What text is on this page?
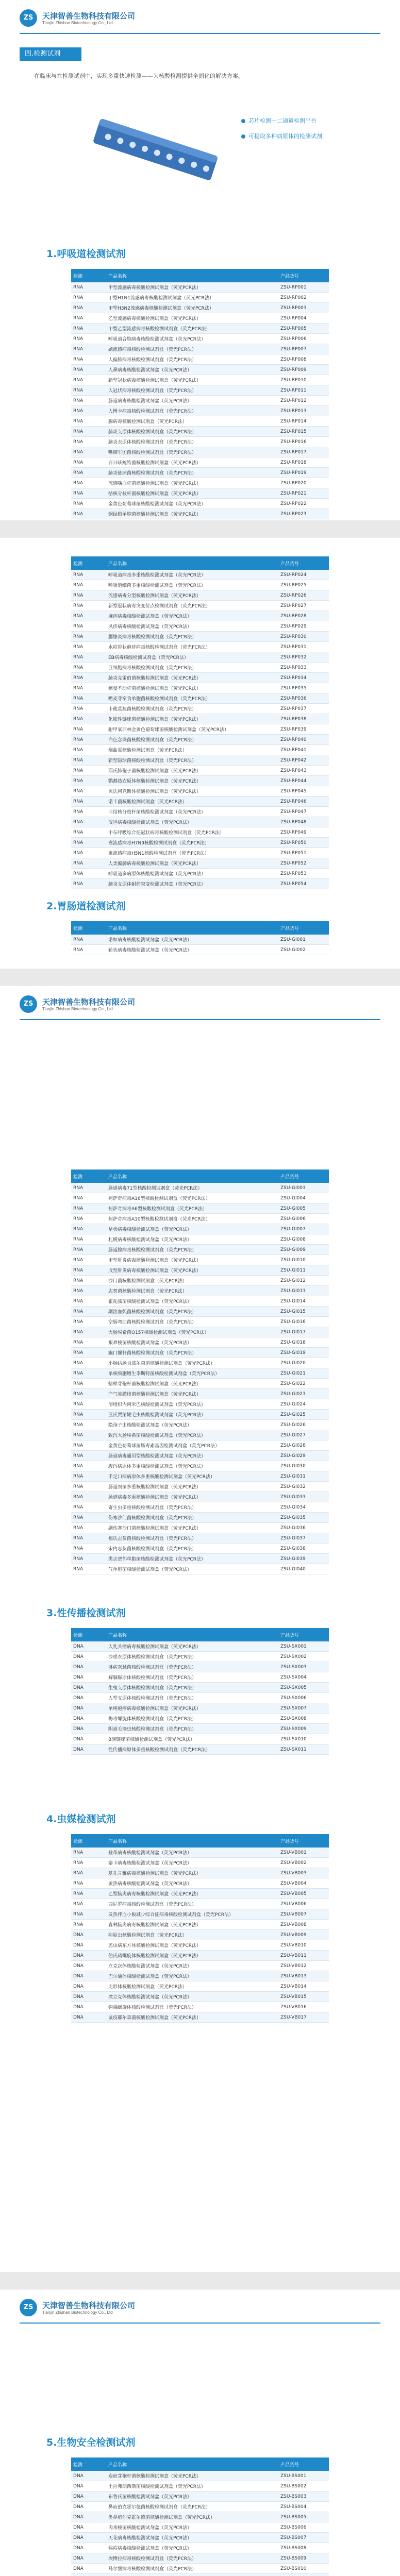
ZS	天津智善生物科技有限公司
Tianjin Zhishan Biotechnology Co., Ltd
四.检测试剂
在临床与在检测试剂中，实现多重快速检测——为核酸检测提供全面化的解决方案。
芯片检测十二通道检测平台
可提取多种病原体的检测试剂
ZS	天津智善生物科技有限公司
Tianjin Zhishan Biotechnology Co., Ltd
ZS	天津智善生物科技有限公司
Tianjin Zhishan Biotechnology Co., Ltd
1.呼吸道检测试剂
检测	产品名称	产品货号
RNA	甲型流感病毒核酸检测试剂盒（荧光PCR法）	ZSU-RP001
RNA	甲型H1N1流感病毒核酸检测试剂盒（荧光PCR法）	ZSU-RP002
RNA	甲型H3N2流感病毒核酸检测试剂盒（荧光PCR法）	ZSU-RP003
RNA	乙型流感病毒核酸检测试剂盒（荧光PCR法）	ZSU-RP004
RNA	甲型乙型流感病毒核酸检测试剂盒（荧光PCR法）	ZSU-RP005
RNA	呼吸道合胞病毒核酸检测试剂盒（荧光PCR法）	ZSU-RP006
RNA	副流感病毒核酸检测试剂盒（荧光PCR法）	ZSU-RP007
RNA	人偏肺病毒核酸检测试剂盒（荧光PCR法）	ZSU-RP008
RNA	人鼻病毒核酸检测试剂盒（荧光PCR法）	ZSU-RP009
RNA	新型冠状病毒核酸检测试剂盒（荧光PCR法）	ZSU-RP010
RNA	人冠状病毒核酸检测试剂盒（荧光PCR法）	ZSU-RP011
RNA	肠道病毒核酸检测试剂盒（荧光PCR法）	ZSU-RP012
RNA	人博卡病毒核酸检测试剂盒（荧光PCR法）	ZSU-RP013
RNA	腺病毒核酸检测试剂盒（荧光PCR法）	ZSU-RP014
RNA	肺炎支原体核酸检测试剂盒（荧光PCR法）	ZSU-RP015
RNA	肺炎衣原体核酸检测试剂盒（荧光PCR法）	ZSU-RP016
RNA	嗜肺军团菌核酸检测试剂盒（荧光PCR法）	ZSU-RP017
RNA	百日咳鲍特菌核酸检测试剂盒（荧光PCR法）	ZSU-RP018
RNA	肺炎链球菌核酸检测试剂盒（荧光PCR法）	ZSU-RP019
RNA	流感嗜血杆菌核酸检测试剂盒（荧光PCR法）	ZSU-RP020
RNA	结核分枝杆菌核酸检测试剂盒（荧光PCR法）	ZSU-RP021
RNA	金黄色葡萄球菌核酸检测试剂盒（荧光PCR法）	ZSU-RP022
RNA	铜绿假单胞菌核酸检测试剂盒（荧光PCR法）	ZSU-RP023
检测	产品名称	产品货号
RNA	呼吸道病毒多重核酸检测试剂盒（荧光PCR法）	ZSU-RP024
RNA	呼吸道细菌多重核酸检测试剂盒（荧光PCR法）	ZSU-RP025
RNA	流感病毒分型核酸检测试剂盒（荧光PCR法）	ZSU-RP026
RNA	新型冠状病毒突变位点检测试剂盒（荧光PCR法）	ZSU-RP027
RNA	麻疹病毒核酸检测试剂盒（荧光PCR法）	ZSU-RP028
RNA	风疹病毒核酸检测试剂盒（荧光PCR法）	ZSU-RP029
RNA	腮腺炎病毒核酸检测试剂盒（荧光PCR法）	ZSU-RP030
RNA	水痘带状疱疹病毒核酸检测试剂盒（荧光PCR法）	ZSU-RP031
RNA	EB病毒核酸检测试剂盒（荧光PCR法）	ZSU-RP032
RNA	巨细胞病毒核酸检测试剂盒（荧光PCR法）	ZSU-RP033
RNA	肺炎克雷伯菌核酸检测试剂盒（荧光PCR法）	ZSU-RP034
RNA	鲍曼不动杆菌核酸检测试剂盒（荧光PCR法）	ZSU-RP035
RNA	嗜麦芽窄食单胞菌核酸检测试剂盒（荧光PCR法）	ZSU-RP036
RNA	卡他莫拉菌核酸检测试剂盒（荧光PCR法）	ZSU-RP037
RNA	化脓性链球菌核酸检测试剂盒（荧光PCR法）	ZSU-RP038
RNA	耐甲氧西林金黄色葡萄球菌核酸检测试剂盒（荧光PCR法）	ZSU-RP039
RNA	白色念珠菌核酸检测试剂盒（荧光PCR法）	ZSU-RP040
RNA	烟曲霉核酸检测试剂盒（荧光PCR法）	ZSU-RP041
RNA	新型隐球菌核酸检测试剂盒（荧光PCR法）	ZSU-RP042
RNA	耶氏肺孢子菌核酸检测试剂盒（荧光PCR法）	ZSU-RP043
RNA	鹦鹉热衣原体核酸检测试剂盒（荧光PCR法）	ZSU-RP044
RNA	贝氏柯克斯体核酸检测试剂盒（荧光PCR法）	ZSU-RP045
RNA	诺卡菌核酸检测试剂盒（荧光PCR法）	ZSU-RP046
RNA	非结核分枝杆菌核酸检测试剂盒（荧光PCR法）	ZSU-RP047
RNA	汉坦病毒核酸检测试剂盒（荧光PCR法）	ZSU-RP048
RNA	中东呼吸综合征冠状病毒核酸检测试剂盒（荧光PCR法）	ZSU-RP049
RNA	禽流感病毒H7N9核酸检测试剂盒（荧光PCR法）	ZSU-RP050
RNA	禽流感病毒H5N1核酸检测试剂盒（荧光PCR法）	ZSU-RP051
RNA	人类偏肺病毒核酸检测试剂盒（荧光PCR法）	ZSU-RP052
RNA	呼吸道多病原体核酸检测试剂盒（荧光PCR法）	ZSU-RP053
RNA	肺炎支原体耐药突变检测试剂盒（荧光PCR法）	ZSU-RP054
2.胃肠道检测试剂
检测	产品名称	产品货号
RNA	诺如病毒核酸检测试剂盒（荧光PCR法）	ZSU-GI001
RNA	轮状病毒核酸检测试剂盒（荧光PCR法）	ZSU-GI002
检测	产品名称	产品货号
RNA	肠道病毒71型核酸检测试剂盒（荧光PCR法）	ZSU-GI003
RNA	柯萨奇病毒A16型核酸检测试剂盒（荧光PCR法）	ZSU-GI004
RNA	柯萨奇病毒A6型核酸检测试剂盒（荧光PCR法）	ZSU-GI005
RNA	柯萨奇病毒A10型核酸检测试剂盒（荧光PCR法）	ZSU-GI006
RNA	星状病毒核酸检测试剂盒（荧光PCR法）	ZSU-GI007
RNA	札幌病毒核酸检测试剂盒（荧光PCR法）	ZSU-GI008
RNA	肠道腺病毒核酸检测试剂盒（荧光PCR法）	ZSU-GI009
RNA	甲型肝炎病毒核酸检测试剂盒（荧光PCR法）	ZSU-GI010
RNA	戊型肝炎病毒核酸检测试剂盒（荧光PCR法）	ZSU-GI011
RNA	沙门菌核酸检测试剂盒（荧光PCR法）	ZSU-GI012
RNA	志贺菌核酸检测试剂盒（荧光PCR法）	ZSU-GI013
RNA	霍乱弧菌核酸检测试剂盒（荧光PCR法）	ZSU-GI014
RNA	副溶血弧菌核酸检测试剂盒（荧光PCR法）	ZSU-GI015
RNA	空肠弯曲菌核酸检测试剂盒（荧光PCR法）	ZSU-GI016
RNA	大肠埃希菌O157核酸检测试剂盒（荧光PCR法）	ZSU-GI017
RNA	艰难梭菌核酸检测试剂盒（荧光PCR法）	ZSU-GI018
RNA	幽门螺杆菌核酸检测试剂盒（荧光PCR法）	ZSU-GI019
RNA	小肠结肠炎耶尔森菌核酸检测试剂盒（荧光PCR法）	ZSU-GI020
RNA	单核细胞增生李斯特菌核酸检测试剂盒（荧光PCR法）	ZSU-GI021
RNA	蜡样芽孢杆菌核酸检测试剂盒（荧光PCR法）	ZSU-GI022
RNA	产气荚膜梭菌核酸检测试剂盒（荧光PCR法）	ZSU-GI023
RNA	溶组织内阿米巴核酸检测试剂盒（荧光PCR法）	ZSU-GI024
RNA	蓝氏贾第鞭毛虫核酸检测试剂盒（荧光PCR法）	ZSU-GI025
RNA	隐孢子虫核酸检测试剂盒（荧光PCR法）	ZSU-GI026
RNA	致泻大肠埃希菌核酸检测试剂盒（荧光PCR法）	ZSU-GI027
RNA	金黄色葡萄球菌肠毒素基因检测试剂盒（荧光PCR法）	ZSU-GI028
RNA	肠道病毒通用型核酸检测试剂盒（荧光PCR法）	ZSU-GI029
RNA	腹泻病原体多重核酸检测试剂盒（荧光PCR法）	ZSU-GI030
RNA	手足口病病原体多重核酸检测试剂盒（荧光PCR法）	ZSU-GI031
RNA	肠道细菌多重核酸检测试剂盒（荧光PCR法）	ZSU-GI032
RNA	肠道病毒多重核酸检测试剂盒（荧光PCR法）	ZSU-GI033
RNA	寄生虫多重核酸检测试剂盒（荧光PCR法）	ZSU-GI034
RNA	伤寒沙门菌核酸检测试剂盒（荧光PCR法）	ZSU-GI035
RNA	副伤寒沙门菌核酸检测试剂盒（荧光PCR法）	ZSU-GI036
RNA	福氏志贺菌核酸检测试剂盒（荧光PCR法）	ZSU-GI037
RNA	宋内志贺菌核酸检测试剂盒（荧光PCR法）	ZSU-GI038
RNA	类志贺邻单胞菌核酸检测试剂盒（荧光PCR法）	ZSU-GI039
RNA	气单胞菌核酸检测试剂盒（荧光PCR法）	ZSU-GI040
3.性传播检测试剂
检测	产品名称	产品货号
DNA	人乳头瘤病毒核酸检测试剂盒（荧光PCR法）	ZSU-SX001
DNA	沙眼衣原体核酸检测试剂盒（荧光PCR法）	ZSU-SX002
DNA	淋病奈瑟菌核酸检测试剂盒（荧光PCR法）	ZSU-SX003
DNA	解脲脲原体核酸检测试剂盒（荧光PCR法）	ZSU-SX004
DNA	生殖支原体核酸检测试剂盒（荧光PCR法）	ZSU-SX005
DNA	人型支原体核酸检测试剂盒（荧光PCR法）	ZSU-SX006
DNA	单纯疱疹病毒核酸检测试剂盒（荧光PCR法）	ZSU-SX007
DNA	梅毒螺旋体核酸检测试剂盒（荧光PCR法）	ZSU-SX008
DNA	阴道毛滴虫核酸检测试剂盒（荧光PCR法）	ZSU-SX009
DNA	B族链球菌核酸检测试剂盒（荧光PCR法）	ZSU-SX010
DNA	性传播病原体多重核酸检测试剂盒（荧光PCR法）	ZSU-SX011
4.虫媒检测试剂
检测	产品名称	产品货号
RNA	登革病毒核酸检测试剂盒（荧光PCR法）	ZSU-VB001
RNA	寨卡病毒核酸检测试剂盒（荧光PCR法）	ZSU-VB002
RNA	基孔肯雅病毒核酸检测试剂盒（荧光PCR法）	ZSU-VB003
RNA	黄热病毒核酸检测试剂盒（荧光PCR法）	ZSU-VB004
RNA	乙型脑炎病毒核酸检测试剂盒（荧光PCR法）	ZSU-VB005
RNA	西尼罗病毒核酸检测试剂盒（荧光PCR法）	ZSU-VB006
RNA	发热伴血小板减少综合征病毒核酸检测试剂盒（荧光PCR法）	ZSU-VB007
RNA	森林脑炎病毒核酸检测试剂盒（荧光PCR法）	ZSU-VB008
DNA	疟原虫核酸检测试剂盒（荧光PCR法）	ZSU-VB009
DNA	恙虫病东方体核酸检测试剂盒（荧光PCR法）	ZSU-VB010
DNA	伯氏疏螺旋体核酸检测试剂盒（荧光PCR法）	ZSU-VB011
DNA	立克次体核酸检测试剂盒（荧光PCR法）	ZSU-VB012
DNA	巴尔通体核酸检测试剂盒（荧光PCR法）	ZSU-VB013
DNA	无形体核酸检测试剂盒（荧光PCR法）	ZSU-VB014
DNA	埃立克体核酸检测试剂盒（荧光PCR法）	ZSU-VB015
DNA	钩端螺旋体核酸检测试剂盒（荧光PCR法）	ZSU-VB016
DNA	鼠疫耶尔森菌核酸检测试剂盒（荧光PCR法）	ZSU-VB017
5.生物安全检测试剂
检测	产品名称	产品货号
DNA	炭疽芽孢杆菌核酸检测试剂盒（荧光PCR法）	ZSU-BS001
DNA	土拉弗朗西斯菌核酸检测试剂盒（荧光PCR法）	ZSU-BS002
DNA	布鲁氏菌核酸检测试剂盒（荧光PCR法）	ZSU-BS003
DNA	鼻疽伯克霍尔德菌核酸检测试剂盒（荧光PCR法）	ZSU-BS004
DNA	类鼻疽伯克霍尔德菌核酸检测试剂盒（荧光PCR法）	ZSU-BS005
DNA	肉毒梭菌核酸检测试剂盒（荧光PCR法）	ZSU-BS006
DNA	天花病毒核酸检测试剂盒（荧光PCR法）	ZSU-BS007
DNA	猴痘病毒核酸检测试剂盒（荧光PCR法）	ZSU-BS008
DNA	埃博拉病毒核酸检测试剂盒（荧光PCR法）	ZSU-BS009
DNA	马尔堡病毒核酸检测试剂盒（荧光PCR法）	ZSU-BS010
